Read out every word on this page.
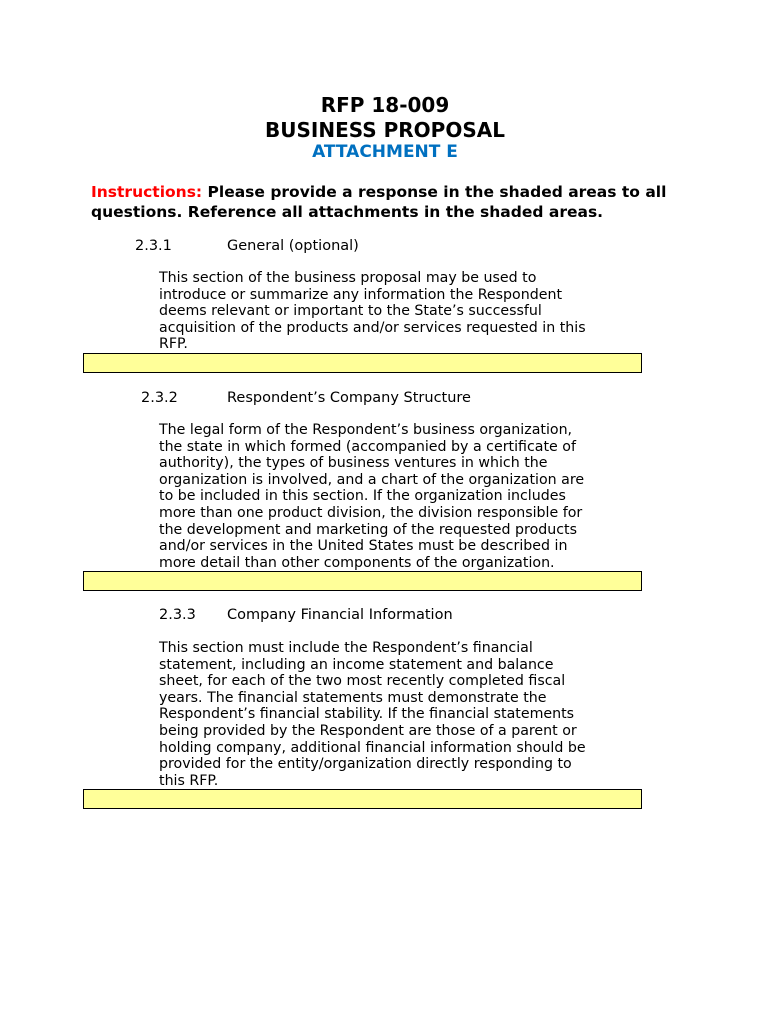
RFP 18-009
BUSINESS PROPOSAL
ATTACHMENT E

Instructions: Please provide a response in the shaded areas to all questions. Reference all attachments in the shaded areas.

2.3.1	General (optional)

This section of the business proposal may be used to introduce or summarize any information the Respondent deems relevant or important to the State’s successful acquisition of the products and/or services requested in this RFP.

2.3.2	Respondent’s Company Structure

The legal form of the Respondent’s business organization, the state in which formed (accompanied by a certificate of authority), the types of business ventures in which the organization is involved, and a chart of the organization are to be included in this section. If the organization includes more than one product division, the division responsible for the development and marketing of the requested products and/or services in the United States must be described in more detail than other components of the organization.

2.3.3 Company Financial Information

This section must include the Respondent’s financial statement, including an income statement and balance sheet, for each of the two most recently completed fiscal years. The financial statements must demonstrate the Respondent’s financial stability. If the financial statements being provided by the Respondent are those of a parent or holding company, additional financial information should be provided for the entity/organization directly responding to this RFP.
